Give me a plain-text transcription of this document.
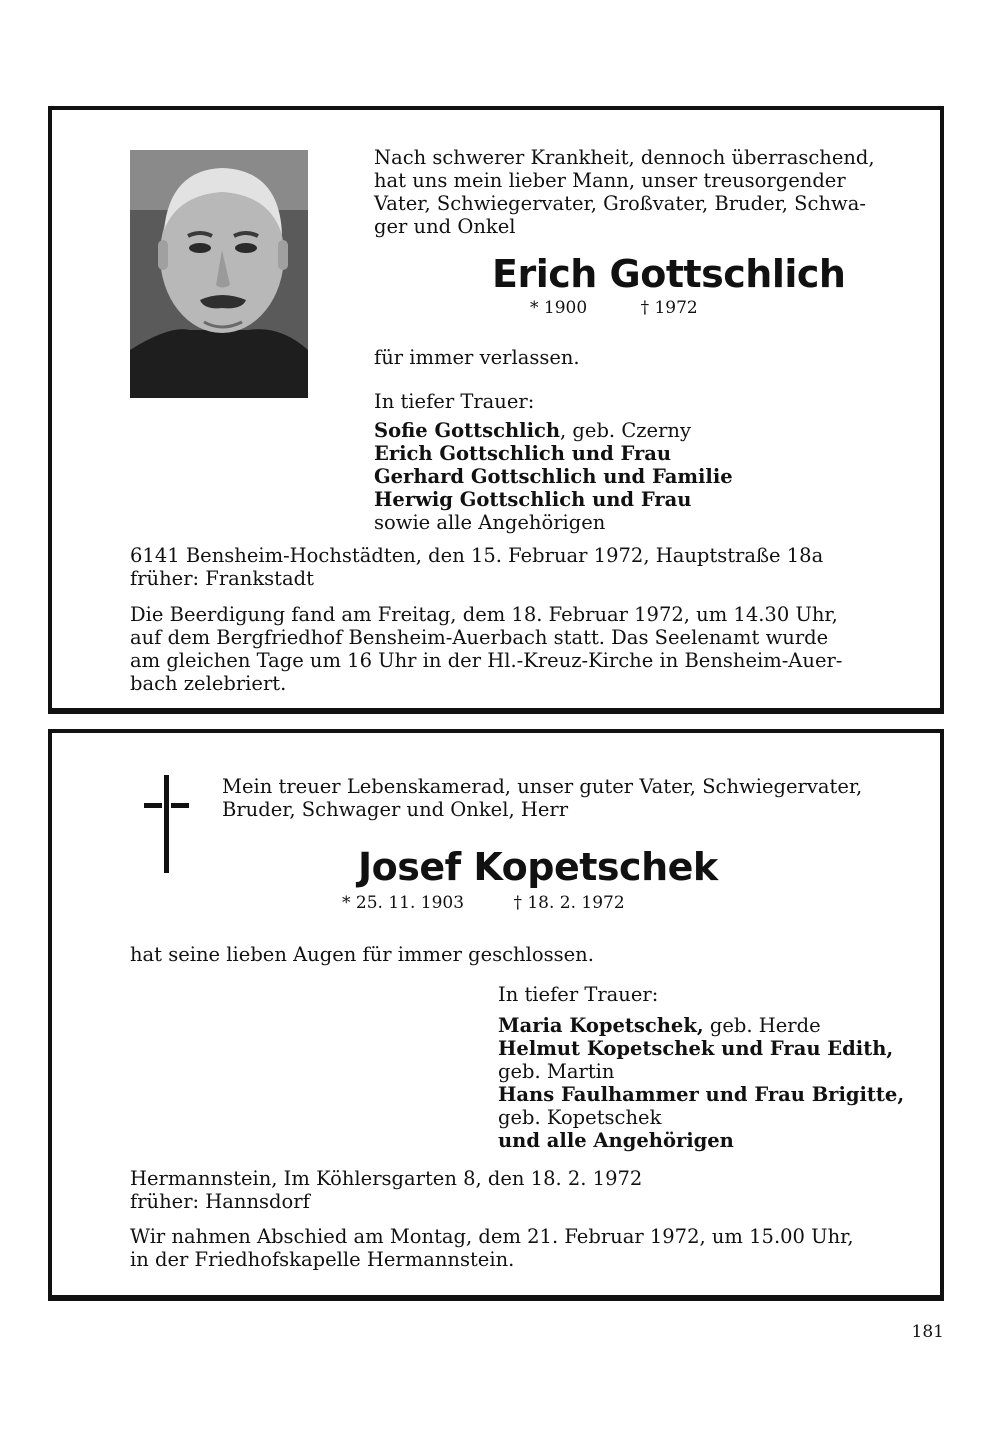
Nach schwerer Krankheit, dennoch überraschend,

hat uns mein lieber Mann, unser treusorgender

Vater, Schwiegervater, Großvater, Bruder, Schwa-

ger und Onkel

Erich Gottschlich

* 1900	† 1972

für immer verlassen.

In tiefer Trauer:

Sofie Gottschlich, geb. Czerny

Erich Gottschlich und Frau

Gerhard Gottschlich und Familie

Herwig Gottschlich und Frau

sowie alle Angehörigen

6141 Bensheim-Hochstädten, den 15. Februar 1972, Hauptstraße 18a

früher: Frankstadt

Die Beerdigung fand am Freitag, dem 18. Februar 1972, um 14.30 Uhr,

auf dem Bergfriedhof Bensheim-Auerbach statt. Das Seelenamt wurde

am gleichen Tage um 16 Uhr in der Hl.-Kreuz-Kirche in Bensheim-Auer-

bach zelebriert.

Mein treuer Lebenskamerad, unser guter Vater, Schwiegervater,

Bruder, Schwager und Onkel, Herr

Josef Kopetschek

* 25. 11. 1903	† 18. 2. 1972

hat seine lieben Augen für immer geschlossen.

In tiefer Trauer:

Maria Kopetschek, geb. Herde

Helmut Kopetschek und Frau Edith,

geb. Martin

Hans Faulhammer und Frau Brigitte,

geb. Kopetschek

und alle Angehörigen

Hermannstein, Im Köhlersgarten 8, den 18. 2. 1972

früher: Hannsdorf

Wir nahmen Abschied am Montag, dem 21. Februar 1972, um 15.00 Uhr,

in der Friedhofskapelle Hermannstein.

181
